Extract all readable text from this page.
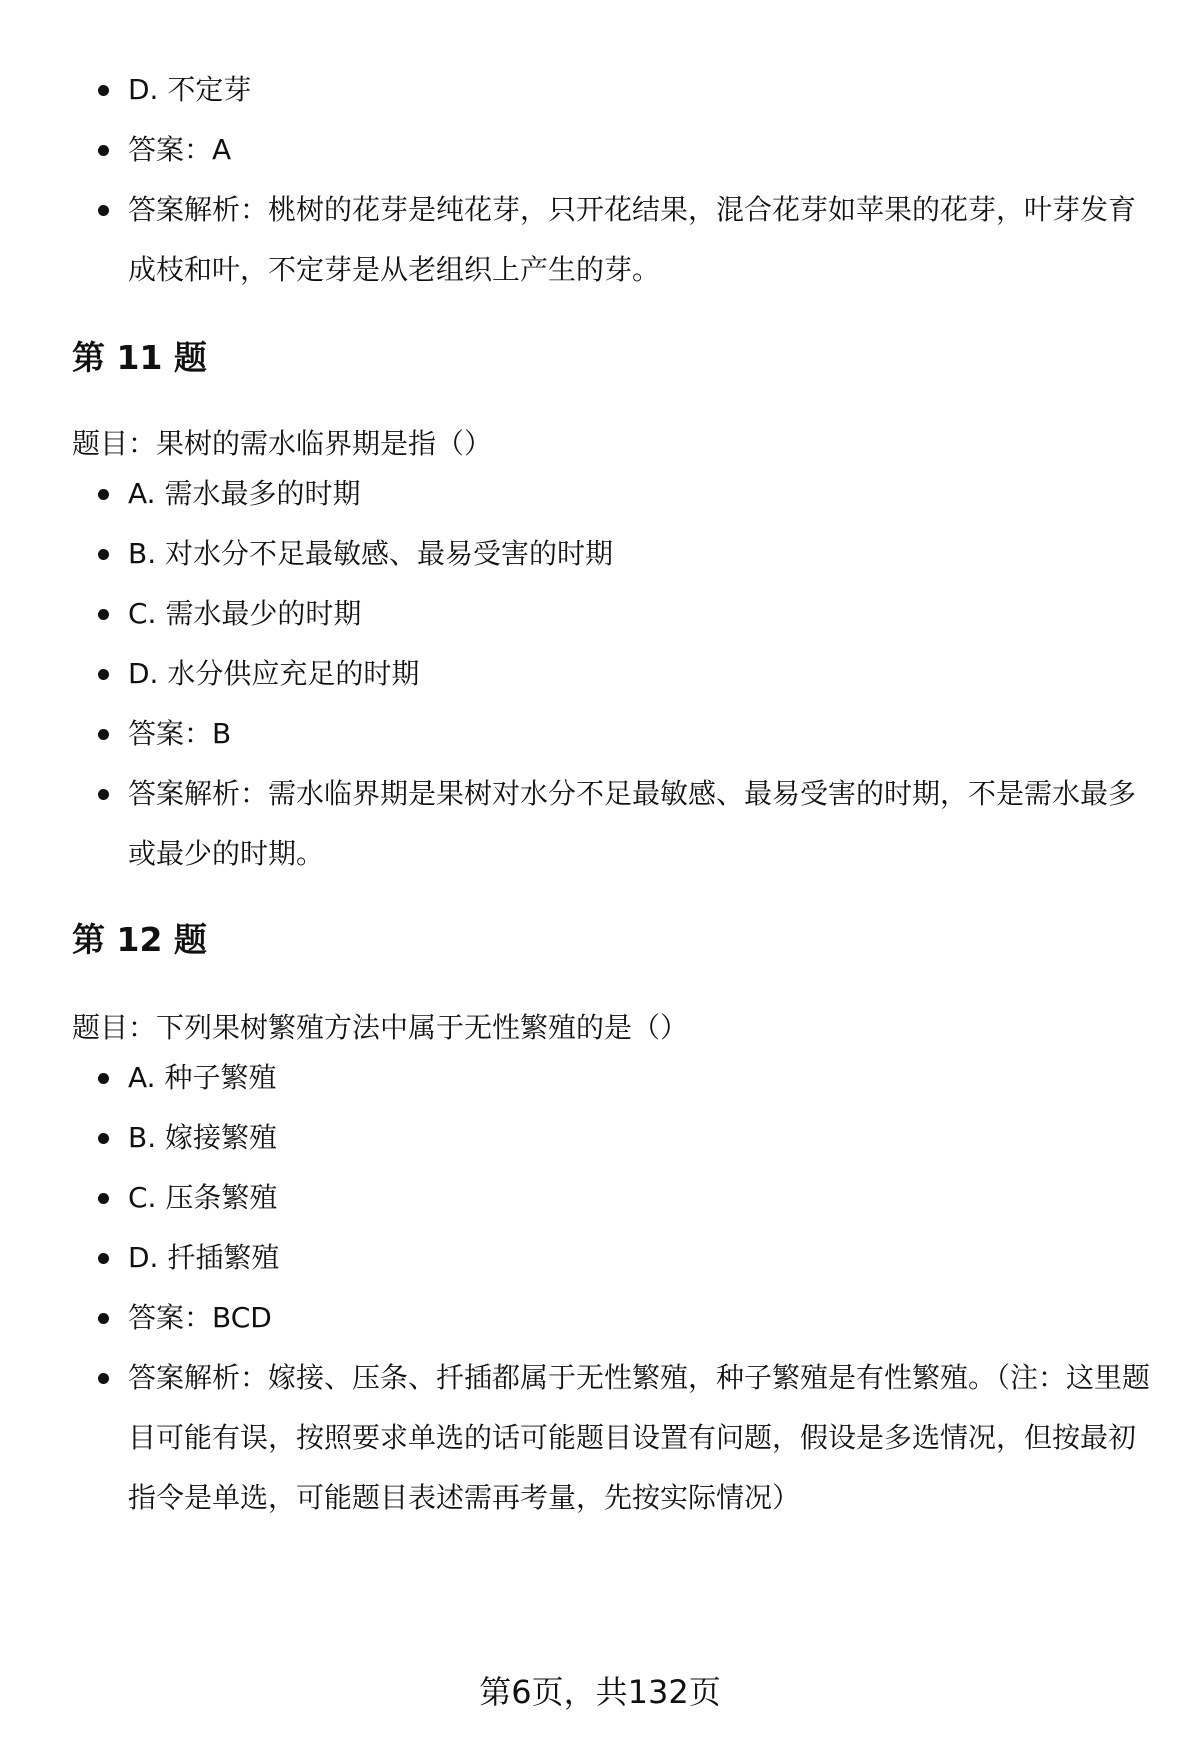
D. 不定芽
答案：A
答案解析：桃树的花芽是纯花芽，只开花结果，混合花芽如苹果的花芽，叶芽发育成枝和叶，不定芽是从老组织上产生的芽。
第 11 题

题目：果树的需水临界期是指（）

A. 需水最多的时期
B. 对水分不足最敏感、最易受害的时期
C. 需水最少的时期
D. 水分供应充足的时期
答案：B
答案解析：需水临界期是果树对水分不足最敏感、最易受害的时期，不是需水最多或最少的时期。
第 12 题

题目：下列果树繁殖方法中属于无性繁殖的是（）

A. 种子繁殖
B. 嫁接繁殖
C. 压条繁殖
D. 扦插繁殖
答案：BCD
答案解析：嫁接、压条、扦插都属于无性繁殖，种子繁殖是有性繁殖。（注：这里题目可能有误，按照要求单选的话可能题目设置有问题，假设是多选情况，但按最初指令是单选，可能题目表述需再考量，先按实际情况）
第6页，共132页
